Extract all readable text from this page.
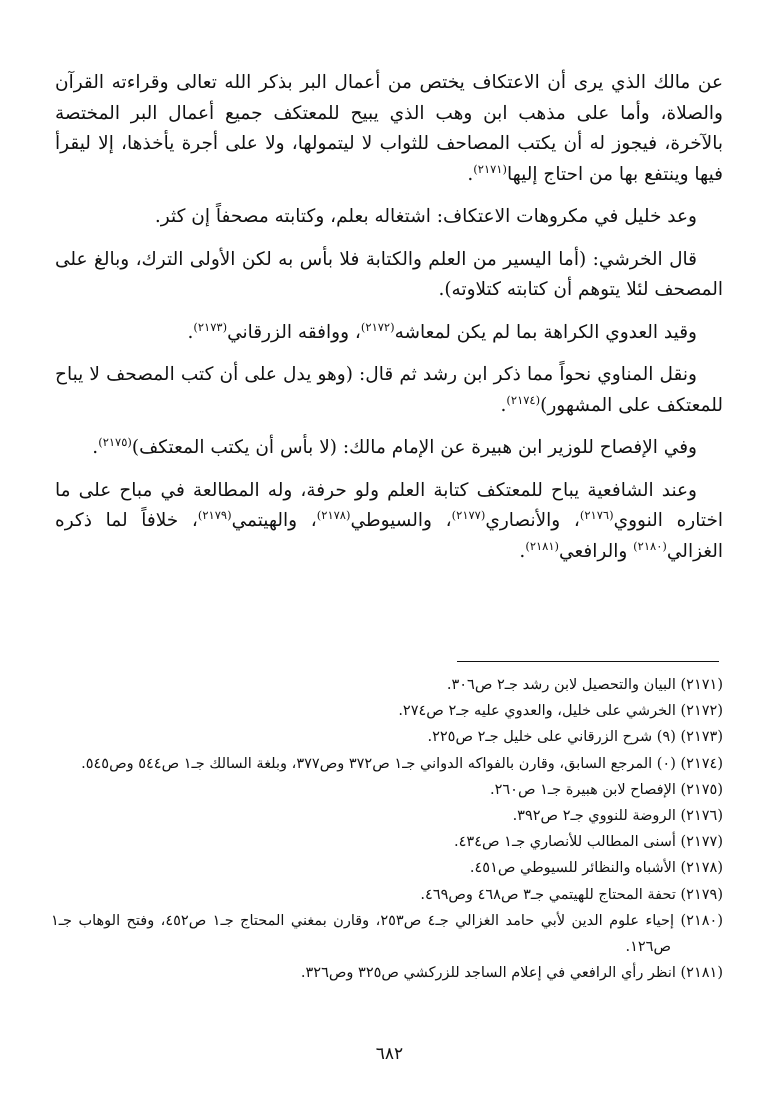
عن مالك الذي يرى أن الاعتكاف يختص من أعمال البر بذكر الله تعالى وقراءته القرآن والصلاة، وأما على مذهب ابن وهب الذي يبيح للمعتكف جميع أعمال البر المختصة بالآخرة، فيجوز له أن يكتب المصاحف للثواب لا ليتمولها، ولا على أجرة يأخذها، إلا ليقرأ فيها وينتفع بها من احتاج إليها$^{(٢١٧١)}$.

وعد خليل في مكروهات الاعتكاف: اشتغاله بعلم، وكتابته مصحفاً إن كثر.

قال الخرشي: (أما اليسير من العلم والكتابة فلا بأس به لكن الأولى الترك، وبالغ على المصحف لئلا يتوهم أن كتابته كتلاوته).

وقيد العدوي الكراهة بما لم يكن لمعاشه$^{(٢١٧٢)}$، ووافقه الزرقاني$^{(٢١٧٣)}$.

ونقل المناوي نحواً مما ذكر ابن رشد ثم قال: (وهو يدل على أن كتب المصحف لا يباح للمعتكف على المشهور)$^{(٢١٧٤)}$.

وفي الإفصاح للوزير ابن هبيرة عن الإمام مالك: (لا بأس أن يكتب المعتكف)$^{(٢١٧٥)}$.

وعند الشافعية يباح للمعتكف كتابة العلم ولو حرفة، وله المطالعة في مباح على ما اختاره النووي$^{(٢١٧٦)}$، والأنصاري$^{(٢١٧٧)}$، والسيوطي$^{(٢١٧٨)}$، والهيتمي$^{(٢١٧٩)}$، خلافاً لما ذكره الغزالي$^{(٢١٨٠)}$ والرافعي$^{(٢١٨١)}$.

(٢١٧١) البيان والتحصيل لابن رشد جـ٢ ص٣٠٦.

(٢١٧٢) الخرشي على خليل، والعدوي عليه جـ٢ ص٢٧٤.

(٢١٧٣) (٩) شرح الزرقاني على خليل جـ٢ ص٢٢٥.

(٢١٧٤) (٠) المرجع السابق، وقارن بالفواكه الدواني جـ١ ص٣٧٢ وص٣٧٧، وبلغة السالك جـ١ ص٥٤٤ وص٥٤٥.

(٢١٧٥) الإفصاح لابن هبيرة جـ١ ص٢٦٠.

(٢١٧٦) الروضة للنووي جـ٢ ص٣٩٢.

(٢١٧٧) أسنى المطالب للأنصاري جـ١ ص٤٣٤.

(٢١٧٨) الأشباه والنظائر للسيوطي ص٤٥١.

(٢١٧٩) تحفة المحتاج للهيتمي جـ٣ ص٤٦٨ وص٤٦٩.

(٢١٨٠) إحياء علوم الدين لأبي حامد الغزالي جـ٤ ص٢٥٣، وقارن بمغني المحتاج جـ١ ص٤٥٢، وفتح الوهاب جـ١ ص١٢٦.

(٢١٨١) انظر رأي الرافعي في إعلام الساجد للزركشي ص٣٢٥ وص٣٢٦.

٦٨٢
